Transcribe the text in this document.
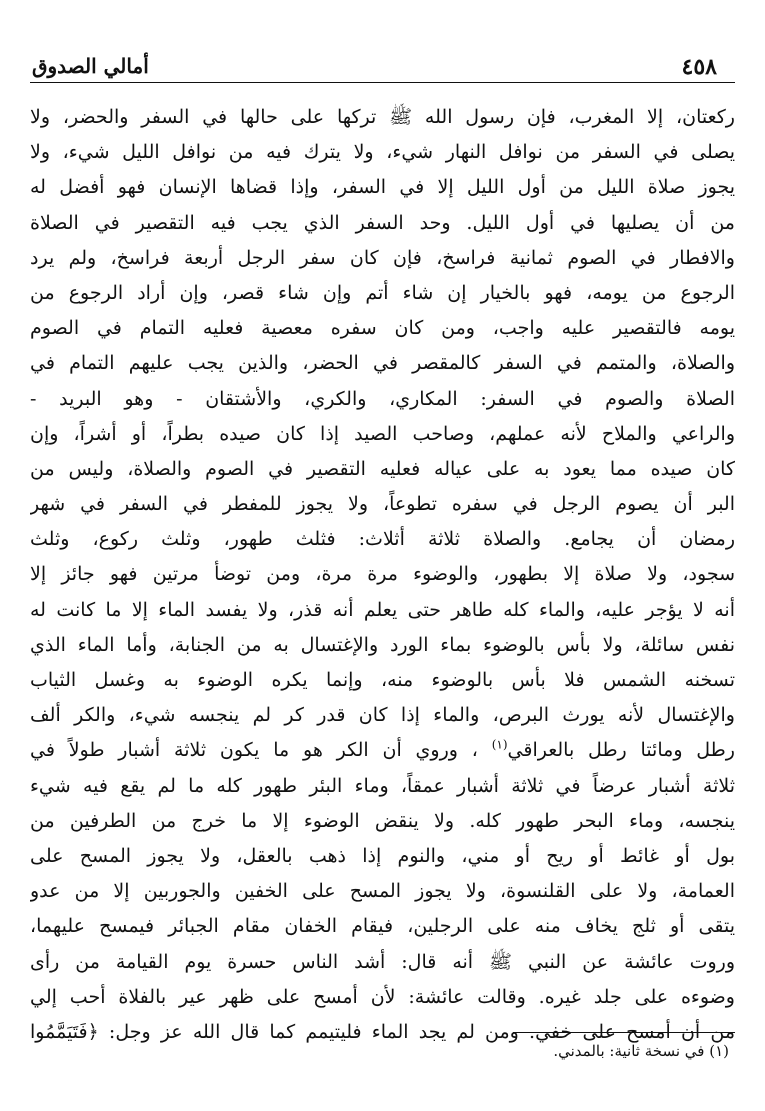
٤٥٨
أمالي الصدوق
ركعتان، إلا المغرب، فإن رسول الله ﷺ تركها على حالها في السفر والحضر، ولا
يصلى في السفر من نوافل النهار شيء، ولا يترك فيه من نوافل الليل شيء، ولا
يجوز صلاة الليل من أول الليل إلا في السفر، وإذا قضاها الإنسان فهو أفضل له
من أن يصليها في أول الليل. وحد السفر الذي يجب فيه التقصير في الصلاة
والافطار في الصوم ثمانية فراسخ، فإن كان سفر الرجل أربعة فراسخ، ولم يرد
الرجوع من يومه، فهو بالخيار إن شاء أتم وإن شاء قصر، وإن أراد الرجوع من
يومه فالتقصير عليه واجب، ومن كان سفره معصية فعليه التمام في الصوم
والصلاة، والمتمم في السفر كالمقصر في الحضر، والذين يجب عليهم التمام في
الصلاة والصوم في السفر: المكاري، والكري، والأشتقان - وهو البريد -
والراعي والملاح لأنه عملهم، وصاحب الصيد إذا كان صيده بطراً، أو أشراً، وإن
كان صيده مما يعود به على عياله فعليه التقصير في الصوم والصلاة، وليس من
البر أن يصوم الرجل في سفره تطوعاً، ولا يجوز للمفطر في السفر في شهر
رمضان أن يجامع. والصلاة ثلاثة أثلاث: فثلث طهور، وثلث ركوع، وثلث
سجود، ولا صلاة إلا بطهور، والوضوء مرة مرة، ومن توضأ مرتين فهو جائز إلا
أنه لا يؤجر عليه، والماء كله طاهر حتى يعلم أنه قذر، ولا يفسد الماء إلا ما كانت له
نفس سائلة، ولا بأس بالوضوء بماء الورد والإغتسال به من الجنابة، وأما الماء الذي
تسخنه الشمس فلا بأس بالوضوء منه، وإنما يكره الوضوء به وغسل الثياب
والإغتسال لأنه يورث البرص، والماء إذا كان قدر كر لم ينجسه شيء، والكر ألف
رطل ومائتا رطل بالعراقي$^{(١)}$ ، وروي أن الكر هو ما يكون ثلاثة أشبار طولاً في
ثلاثة أشبار عرضاً في ثلاثة أشبار عمقاً، وماء البئر طهور كله ما لم يقع فيه شيء
ينجسه، وماء البحر طهور كله. ولا ينقض الوضوء إلا ما خرج من الطرفين من
بول أو غائط أو ريح أو مني، والنوم إذا ذهب بالعقل، ولا يجوز المسح على
العمامة، ولا على القلنسوة، ولا يجوز المسح على الخفين والجوربين إلا من عدو
يتقى أو ثلج يخاف منه على الرجلين، فيقام الخفان مقام الجبائر فيمسح عليهما،
وروت عائشة عن النبي ﷺ أنه قال: أشد الناس حسرة يوم القيامة من رأى
وضوءه على جلد غيره. وقالت عائشة: لأن أمسح على ظهر عير بالفلاة أحب إلي
من أن أمسح على خفي. ومن لم يجد الماء فليتيمم كما قال الله عز وجل: ﴿فَتَيَمَّمُوا
(١) في نسخة ثانية: بالمدني.
